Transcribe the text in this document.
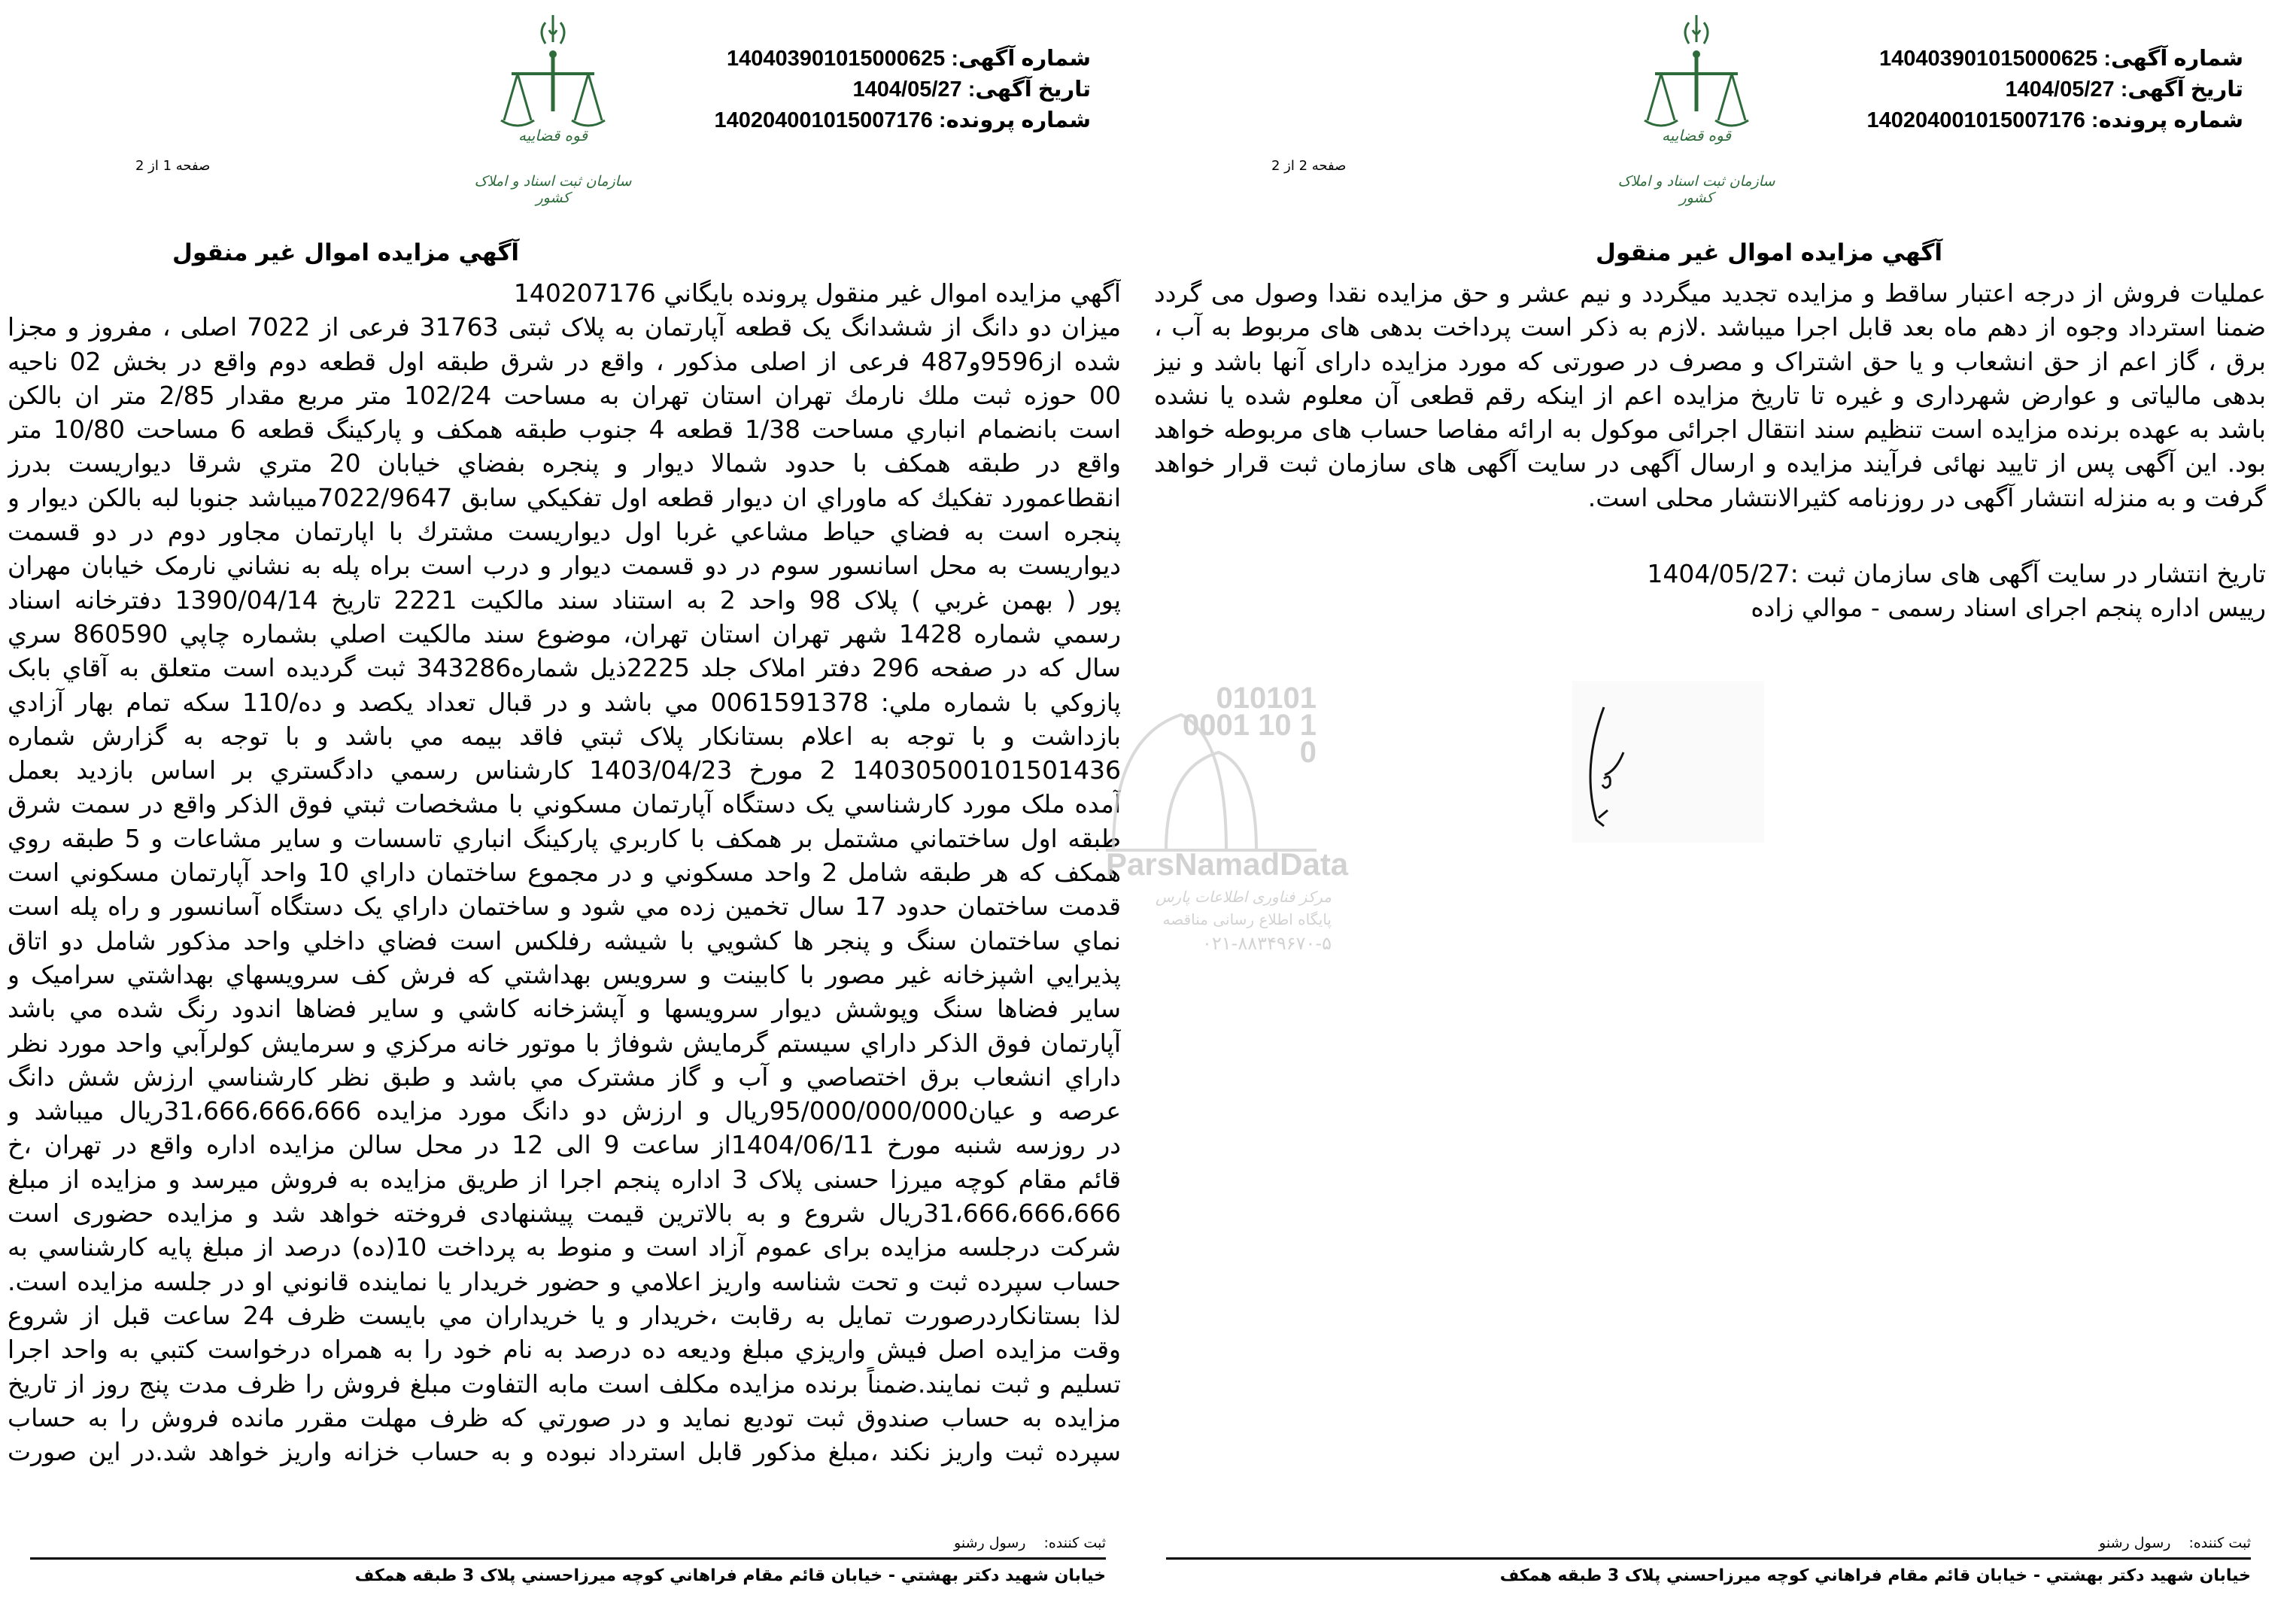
شماره آگهی: 140403901015000625
تاریخ آگهی: 1404/05/27
شماره پرونده: 140204001015007176
قوه قضاییه
سازمان ثبت اسناد و املاک کشور
صفحه 1 از 2
آگهي مزايده اموال غير منقول
آگهي مزايده اموال غير منقول پرونده بايگاني 140207176
ميزان دو دانگ از ششدانگ يک قطعه آپارتمان به پلاک ثبتی 31763 فرعی از 7022 اصلی ، مفروز و مجزا
شده از9596و487 فرعی از اصلی مذکور ، واقع در شرق طبقه اول قطعه دوم واقع در بخش 02 ناحيه
00 حوزه ثبت ملك نارمك تهران استان تهران به مساحت 102/24 متر مربع مقدار 2/85 متر ان بالكن
است بانضمام انباري مساحت 1/38 قطعه 4 جنوب طبقه همكف و پاركينگ قطعه 6 مساحت 10/80 متر
واقع در طبقه همكف با حدود شمالا ديوار و پنجره بفضاي خيابان 20 متري شرقا ديواريست بدرز
انقطاعمورد تفكيك كه ماوراي ان ديوار قطعه اول تفكيكي سابق 7022/9647ميباشد جنوبا لبه بالكن ديوار و
پنجره است به فضاي حياط مشاعي غربا اول ديواريست مشترك با اپارتمان مجاور دوم در دو قسمت
ديواريست به محل اسانسور سوم در دو قسمت ديوار و درب است براه پله به نشاني نارمک خيابان مهران
پور ( بهمن غربي ) پلاک 98 واحد 2 به استناد سند مالکيت 2221 تاريخ 1390/04/14 دفترخانه اسناد
رسمي شماره 1428 شهر تهران استان تهران، موضوع سند مالکيت اصلي بشماره چاپي 860590 سري
سال که در صفحه 296 دفتر املاک جلد 2225ذيل شماره343286 ثبت گرديده است متعلق به آقاي بابک
پازوکي با شماره ملي: 0061591378 مي باشد و در قبال تعداد يکصد و ده/110 سکه تمام بهار آزادي
بازداشت و با توجه به اعلام بستانکار پلاک ثبتي فاقد بيمه مي باشد و با توجه به گزارش شماره
14030500101501436 2 مورخ 1403/04/23 کارشناس رسمي دادگستري بر اساس بازديد بعمل
آمده ملک مورد کارشناسي يک دستگاه آپارتمان مسکوني با مشخصات ثبتي فوق الذکر واقع در سمت شرق
طبقه اول ساختماني مشتمل بر همکف با کاربري پارکينگ انباري تاسسات و ساير مشاعات و 5 طبقه روي
همکف که هر طبقه شامل 2 واحد مسکوني و در مجموع ساختمان داراي 10 واحد آپارتمان مسکوني است
قدمت ساختمان حدود 17 سال تخمين زده مي شود و ساختمان داراي يک دستگاه آسانسور و راه پله است
نماي ساختمان سنگ و پنجر ها کشويي با شيشه رفلکس است فضاي داخلي واحد مذکور شامل دو اتاق
پذيرايي اشپزخانه غير مصور با کابينت و سرويس بهداشتي که فرش کف سرويسهاي بهداشتي سراميک و
ساير فضاها سنگ وپوشش ديوار سرويسها و آپشزخانه کاشي و ساير فضاها اندود رنگ شده مي باشد
آپارتمان فوق الذکر داراي سيستم گرمايش شوفاژ با موتور خانه مرکزي و سرمايش کولرآبي واحد مورد نظر
داراي انشعاب برق اختصاصي و آب و گاز مشترک مي باشد و طبق نظر کارشناسي ارزش شش دانگ
عرصه و عيان95/000/000/000ريال و ارزش دو دانگ مورد مزايده 31،666،666،666ريال ميباشد و
در روزسه شنبه مورخ 1404/06/11از ساعت 9 الی 12 در محل سالن مزايده اداره واقع در تهران ،خ
قائم مقام کوچه ميرزا حسنی پلاک 3 اداره پنجم اجرا از طريق مزايده به فروش ميرسد و مزايده از مبلغ
31،666،666،666ريال شروع و به بالاترين قيمت پيشنهادی فروخته خواهد شد و مزايده حضوری است
شرکت درجلسه مزايده برای عموم آزاد است و منوط به پرداخت 10(ده) درصد از مبلغ پايه کارشناسي به
حساب سپرده ثبت و تحت شناسه واريز اعلامي و حضور خريدار يا نماينده قانوني او در جلسه مزايده است.
لذا بستانکاردرصورت تمايل به رقابت ،خريدار و يا خريداران مي بايست ظرف 24 ساعت قبل از شروع
وقت مزايده اصل فيش واريزي مبلغ وديعه ده درصد به نام خود را به همراه درخواست کتبي به واحد اجرا
تسليم و ثبت نمايند.ضمناً برنده مزايده مکلف است مابه التفاوت مبلغ فروش را ظرف مدت پنج روز از تاريخ
مزايده به حساب صندوق ثبت توديع نمايد و در صورتي که ظرف مهلت مقرر مانده فروش را به حساب
سپرده ثبت واريز نکند ،مبلغ مذکور قابل استرداد نبوده و به حساب خزانه واريز خواهد شد.در اين صورت
ثبت کننده:رسول رشنو
خيابان شهيد دکتر بهشتي - خيابان قائم مقام فراهاني کوچه ميرزاحسني پلاک 3 طبقه همکف
010101 0001 10 1 0
ParsNamadData
مرکز فناوری اطلاعات پارس
پایگاه اطلاع رسانی مناقصه
۰۲۱-۸۸۳۴۹۶۷۰-۵
شماره آگهی: 140403901015000625
تاریخ آگهی: 1404/05/27
شماره پرونده: 140204001015007176
قوه قضاییه
سازمان ثبت اسناد و املاک کشور
صفحه 2 از 2
آگهي مزايده اموال غير منقول
عمليات فروش از درجه اعتبار ساقط و مزايده تجديد ميگردد و نيم عشر و حق مزايده نقدا وصول می گردد
ضمنا استرداد وجوه از دهم ماه بعد قابل اجرا میباشد .لازم به ذکر است پرداخت بدهی های مربوط به آب ،
برق ، گاز اعم از حق انشعاب و یا حق اشتراک و مصرف در صورتی که مورد مزایده دارای آنها باشد و نیز
بدهی مالیاتی و عوارض شهرداری و غیره تا تاریخ مزایده اعم از اینکه رقم قطعی آن معلوم شده یا نشده
باشد به عهده برنده مزایده است تنظیم سند انتقال اجرائی موکول به ارائه مفاصا حساب های مربوطه خواهد
بود. این آگهی پس از تایید نهائی فرآیند مزایده و ارسال آگهی در سایت آگهی های سازمان ثبت قرار خواهد
گرفت و به منزله انتشار آگهی در روزنامه کثیرالانتشار محلی است.
تاریخ انتشار در سایت آگهی های سازمان ثبت :1404/05/27
رييس اداره پنجم اجرای اسناد رسمی - موالي زاده
ثبت کننده:رسول رشنو
خيابان شهيد دکتر بهشتي - خيابان قائم مقام فراهاني کوچه ميرزاحسني پلاک 3 طبقه همکف
